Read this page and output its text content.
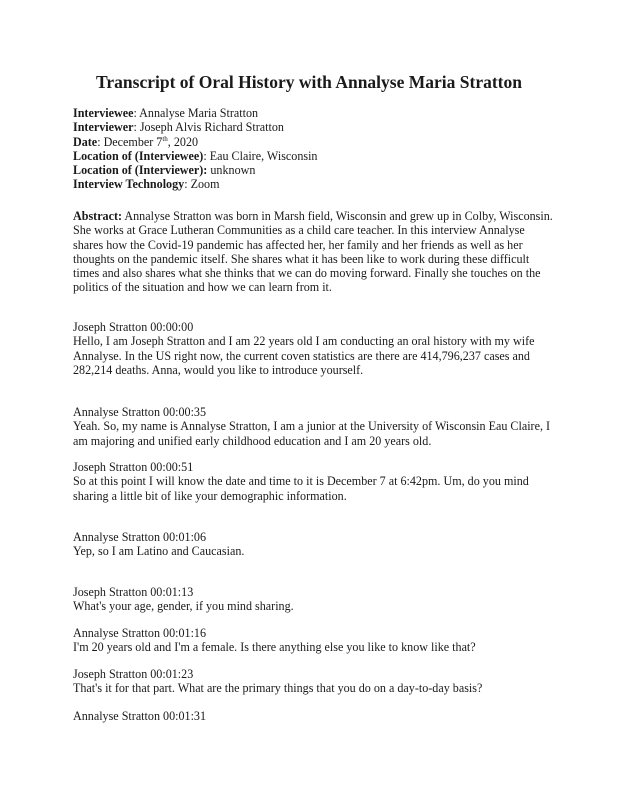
Transcript of Oral History with Annalyse Maria Stratton
Interviewee: Annalyse Maria Stratton
Interviewer: Joseph Alvis Richard Stratton
Date: December 7th, 2020
Location of (Interviewee): Eau Claire, Wisconsin
Location of (Interviewer): unknown
Interview Technology: Zoom

Abstract: Annalyse Stratton was born in Marsh field, Wisconsin and grew up in Colby, Wisconsin. She works at Grace Lutheran Communities as a child care teacher. In this interview Annalyse shares how the Covid-19 pandemic has affected her, her family and her friends as well as her thoughts on the pandemic itself. She shares what it has been like to work during these difficult times and also shares what she thinks that we can do moving forward. Finally she touches on the politics of the situation and how we can learn from it.

Joseph Stratton 00:00:00

Hello, I am Joseph Stratton and I am 22 years old I am conducting an oral history with my wife Annalyse. In the US right now, the current coven statistics are there are 414,796,237 cases and 282,214 deaths. Anna, would you like to introduce yourself.

Annalyse Stratton 00:00:35

Yeah. So, my name is Annalyse Stratton, I am a junior at the University of Wisconsin Eau Claire, I am majoring and unified early childhood education and I am 20 years old.

Joseph Stratton 00:00:51

So at this point I will know the date and time to it is December 7 at 6:42pm. Um, do you mind sharing a little bit of like your demographic information.

Annalyse Stratton 00:01:06

Yep, so I am Latino and Caucasian.

Joseph Stratton 00:01:13

What's your age, gender, if you mind sharing.

Annalyse Stratton 00:01:16

I'm 20 years old and I'm a female. Is there anything else you like to know like that?

Joseph Stratton 00:01:23

That's it for that part. What are the primary things that you do on a day-to-day basis?

Annalyse Stratton 00:01:31
